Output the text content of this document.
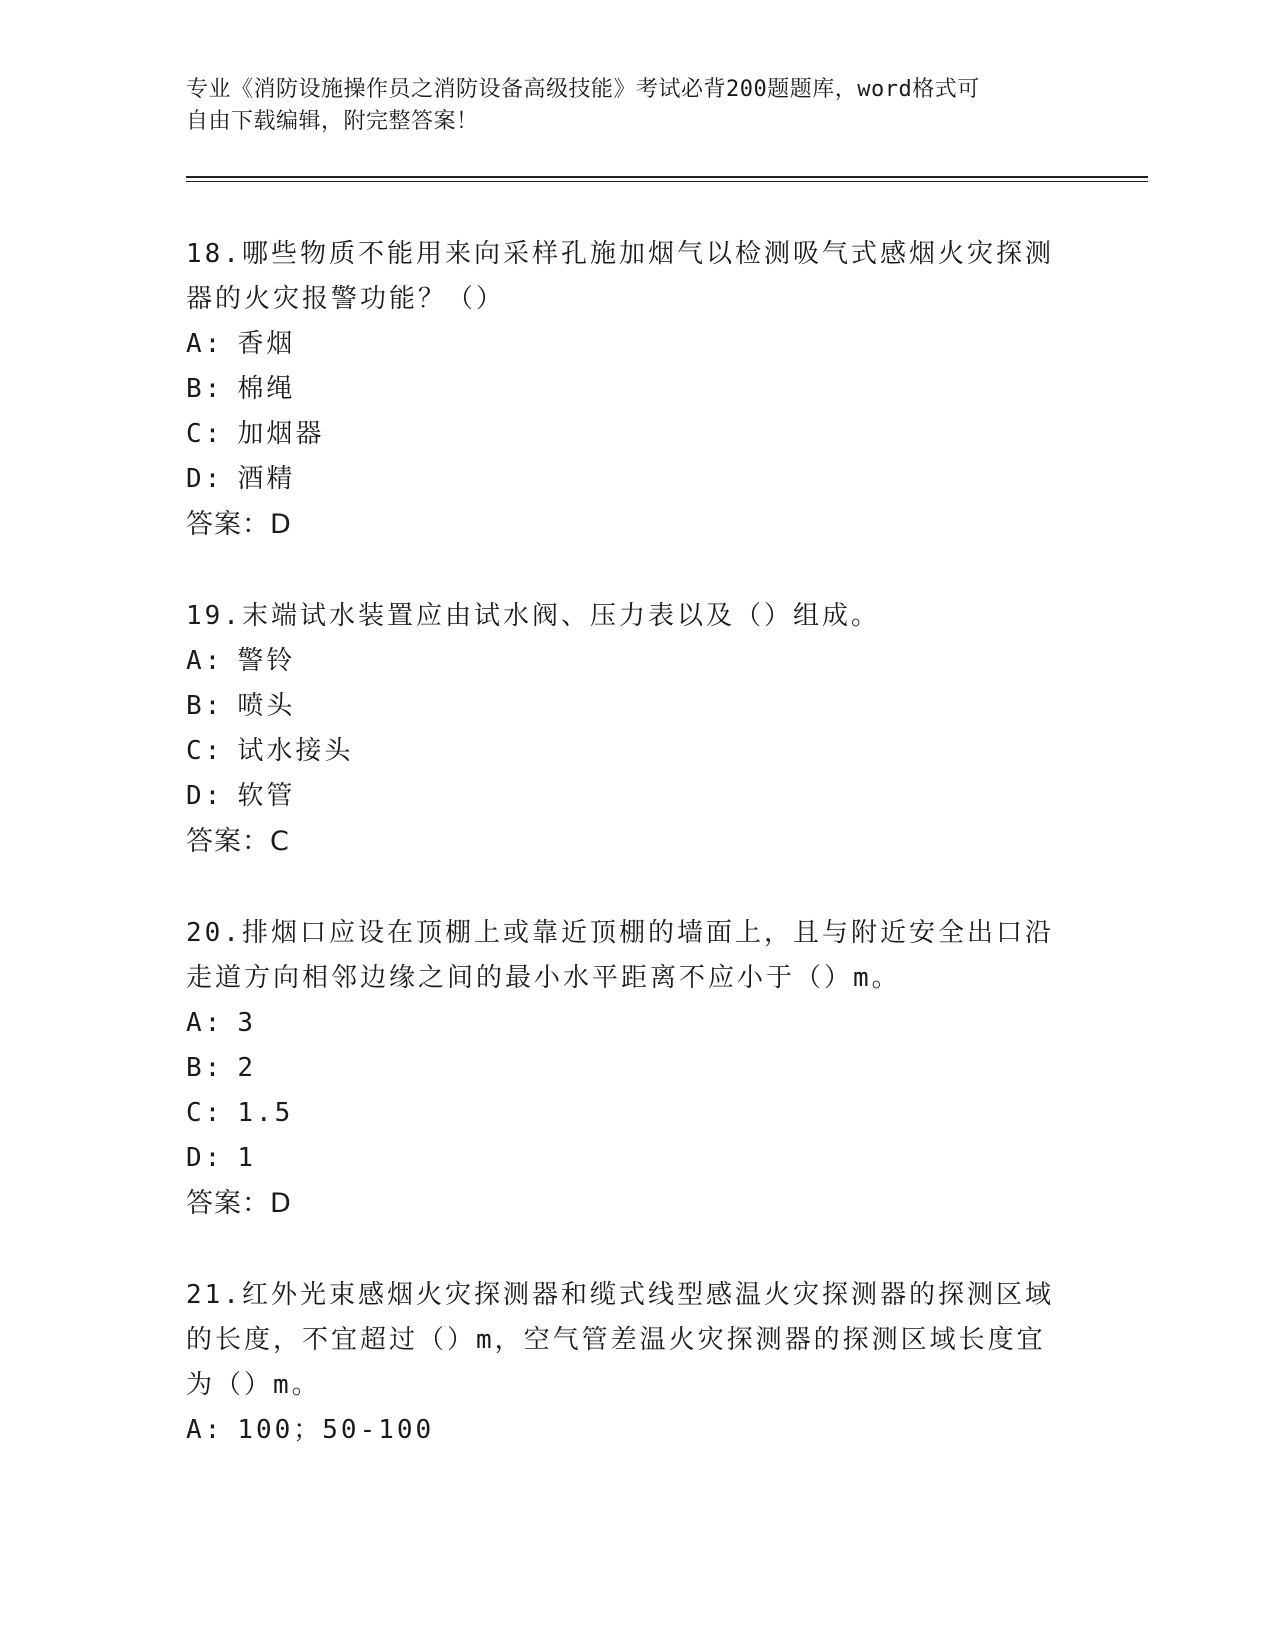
专业《消防设施操作员之消防设备高级技能》考试必背200题题库，word格式可
自由下载编辑，附完整答案！

18.哪些物质不能用来向采样孔施加烟气以检测吸气式感烟火灾探测器的火灾报警功能？（）

A: 香烟

B: 棉绳

C: 加烟器

D: 酒精

答案：D

19.末端试水装置应由试水阀、压力表以及（）组成。

A: 警铃

B: 喷头

C: 试水接头

D: 软管

答案：C

20.排烟口应设在顶棚上或靠近顶棚的墙面上，且与附近安全出口沿走道方向相邻边缘之间的最小水平距离不应小于（）m。

A: 3

B: 2

C: 1.5

D: 1

答案：D

21.红外光束感烟火灾探测器和缆式线型感温火灾探测器的探测区域的长度，不宜超过（）m，空气管差温火灾探测器的探测区域长度宜为（）m。

A: 100；50-100
